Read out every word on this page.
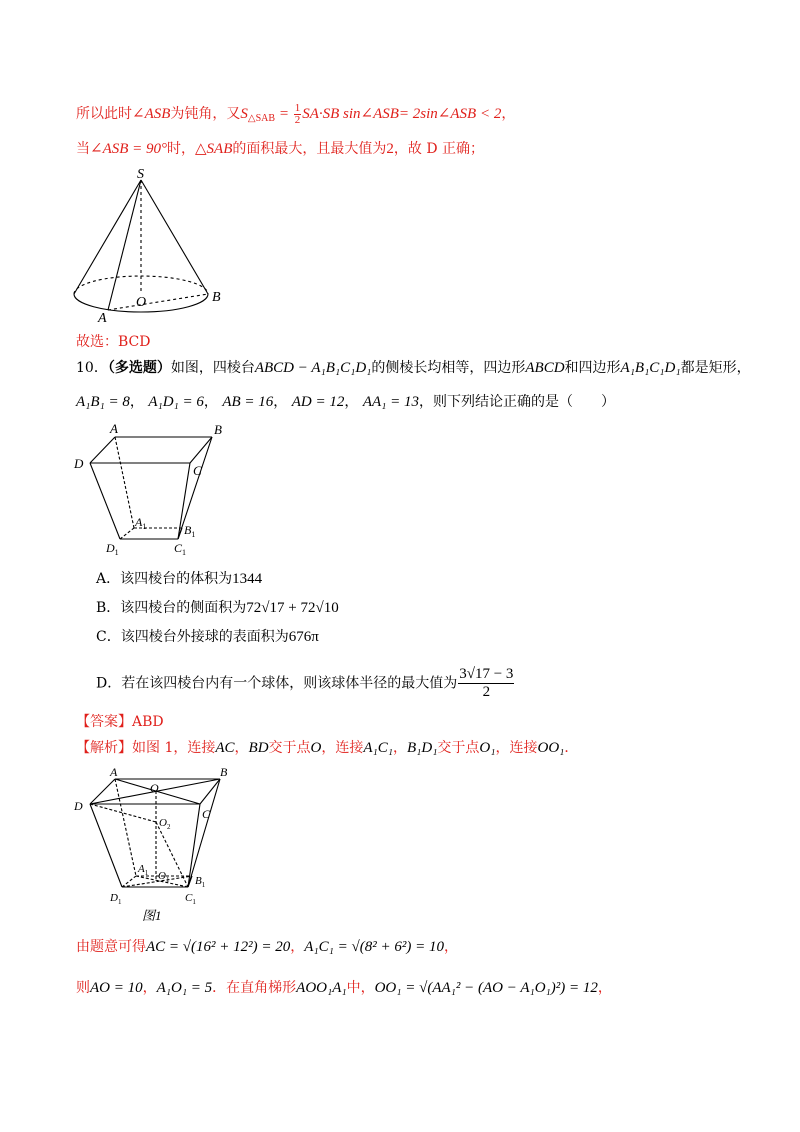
所以此时∠ASB为钝角，又$S_{\triangle SAB} = \frac{1}{2} SA\cdot SB$ sin∠ASB= 2sin∠ASB < 2，
当∠ASB = 90°时，△SAB的面积最大，且最大值为2，故 D 正确；
S
O
A
B
故选：BCD
10．（多选题）如图，四棱台ABCD − A₁B₁C₁D₁的侧棱长均相等，四边形ABCD和四边形A₁B₁C₁D₁都是矩形，
A₁B₁ = 8， A₁D₁ = 6， AB = 16， AD = 12， AA₁ = 13，则下列结论正确的是（　　）
A	B
C
D
$A_1$	$B_1$
$C_1$
$D_1$
A．该四棱台的体积为1344
B．该四棱台的侧面积为72√17 + 72√10
C．该四棱台外接球的表面积为676π
D．若在该四棱台内有一个球体，则该球体半径的最大值为 $\frac{3√17 - 3}{2}$
【答案】ABD
【解析】如图 1，连接AC，BD交于点O，连接A₁C₁，B₁D₁交于点O₁，连接OO₁．
A	B
C
D
O
$O_2$
$O_1$
$A_1$
$B_1$
$C_1$
$D_1$
图1
由题意可得AC = √(16² + 12²) = 20，A₁C₁ = √(8² + 6²) = 10，
则AO = 10，A₁O₁ = 5．在直角梯形AOO₁A₁中，OO₁ = √(AA₁² − (AO − A₁O₁)²) = 12，
